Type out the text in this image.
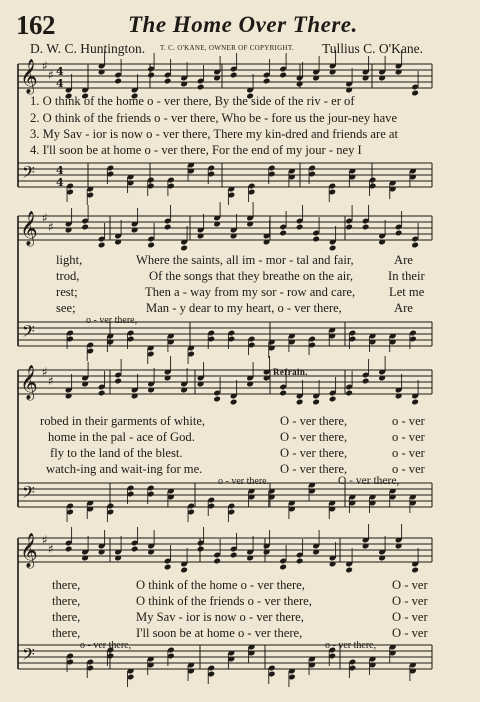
162	The Home Over There.
D. W. C. Huntington. T. C. O'KANE, OWNER OF COPYRIGHT. Tullius C. O'Kane.
𝄞 ♯
♯
𝄢
𝄞 ♯
♯
𝄢
𝄞 ♯
♯
𝄢
𝄞 ♯
♯
𝄢
4
4
4
4
1. O think of the home o - ver there, By the side of the riv - er of
2. O think of the friends o - ver there, Who be - fore us the jour-ney have
3. My Sav - ior is now o - ver there, There my kin-dred and friends are at
4. I'll soon be at home o - ver there, For the end of my jour - ney I
light,	Where the saints, all im - mor - tal and fair,	Are
trod,	Of the songs that they breathe on the air,	In their
rest;	Then a - way from my sor - row and care,	Let me
see;	Man - y dear to my heart, o - ver there,	Are
o - ver there,
Refrain.
robed in their garments of white,	O - ver there,	o - ver
home in the pal - ace of God.	O - ver there,	o - ver
fly to the land of the blest.	O - ver there,	o - ver
watch-ing and wait-ing for me.	O - ver there,	o - ver
o - ver there.	O - ver there,
there,	O think of the home o - ver there,	O - ver
there,	O think of the friends o - ver there,	O - ver
there,	My Sav - ior is now o - ver there,	O - ver
there,	I'll soon be at home o - ver there,	O - ver
o - ver there,	o - ver there,
